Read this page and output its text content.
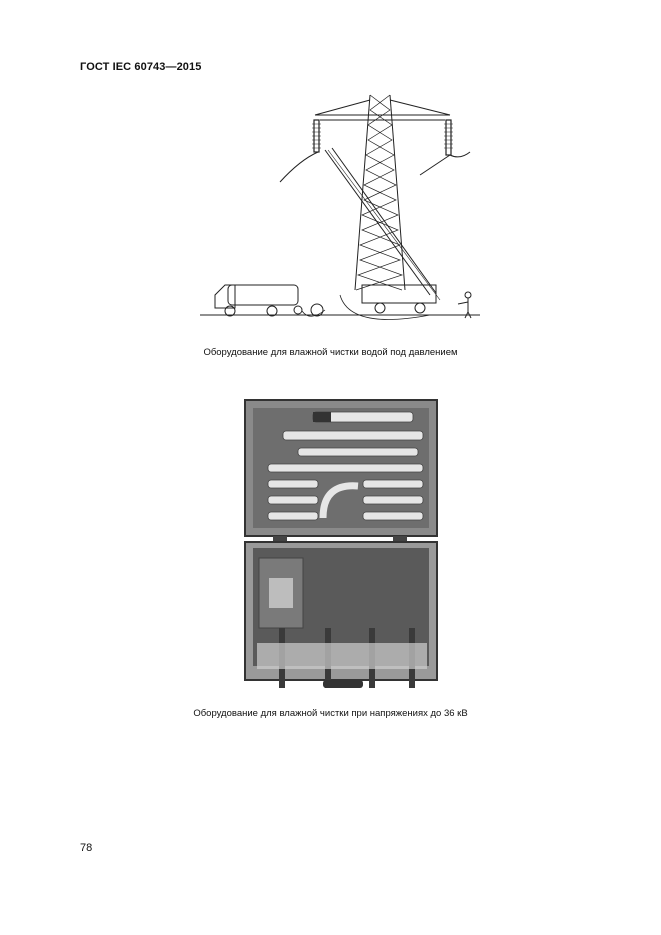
ГОСТ IEC 60743—2015
Оборудование для влажной чистки водой под давлением
Оборудование для влажной чистки при напряжениях до 36 кВ
78
